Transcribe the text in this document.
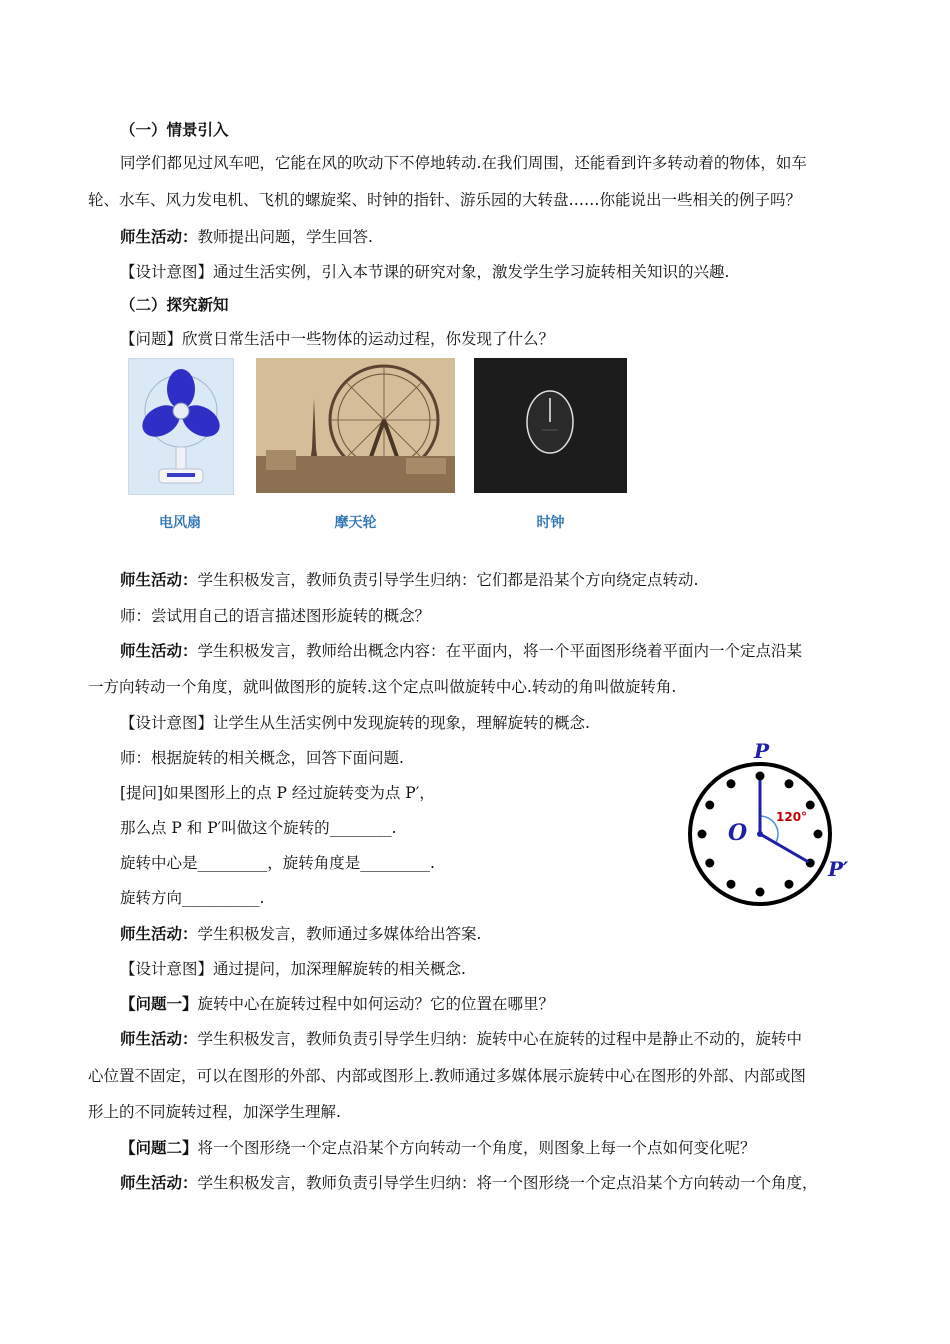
（一）情景引入
同学们都见过风车吧，它能在风的吹动下不停地转动.在我们周围，还能看到许多转动着的物体，如车
轮、水车、风力发电机、飞机的螺旋桨、时钟的指针、游乐园的大转盘……你能说出一些相关的例子吗？
师生活动：教师提出问题，学生回答.
【设计意图】通过生活实例，引入本节课的研究对象，激发学生学习旋转相关知识的兴趣.
（二）探究新知
【问题】欣赏日常生活中一些物体的运动过程，你发现了什么？
电风扇	摩天轮	时钟
师生活动：学生积极发言，教师负责引导学生归纳：它们都是沿某个方向绕定点转动.
师：尝试用自己的语言描述图形旋转的概念？
师生活动：学生积极发言，教师给出概念内容：在平面内，将一个平面图形绕着平面内一个定点沿某
一方向转动一个角度，就叫做图形的旋转.这个定点叫做旋转中心.转动的角叫做旋转角.
【设计意图】让学生从生活实例中发现旋转的现象，理解旋转的概念.
师：根据旋转的相关概念，回答下面问题.
[提问]如果图形上的点 P 经过旋转变为点 P′，
那么点 P 和 P′叫做这个旋转的________.
旋转中心是_________，旋转角度是_________.
旋转方向__________.
P
O
P′
120°
师生活动：学生积极发言，教师通过多媒体给出答案.
【设计意图】通过提问，加深理解旋转的相关概念.
【问题一】旋转中心在旋转过程中如何运动？它的位置在哪里？
师生活动：学生积极发言，教师负责引导学生归纳：旋转中心在旋转的过程中是静止不动的，旋转中
心位置不固定，可以在图形的外部、内部或图形上.教师通过多媒体展示旋转中心在图形的外部、内部或图
形上的不同旋转过程，加深学生理解.
【问题二】将一个图形绕一个定点沿某个方向转动一个角度，则图象上每一个点如何变化呢？
师生活动：学生积极发言，教师负责引导学生归纳：将一个图形绕一个定点沿某个方向转动一个角度，
